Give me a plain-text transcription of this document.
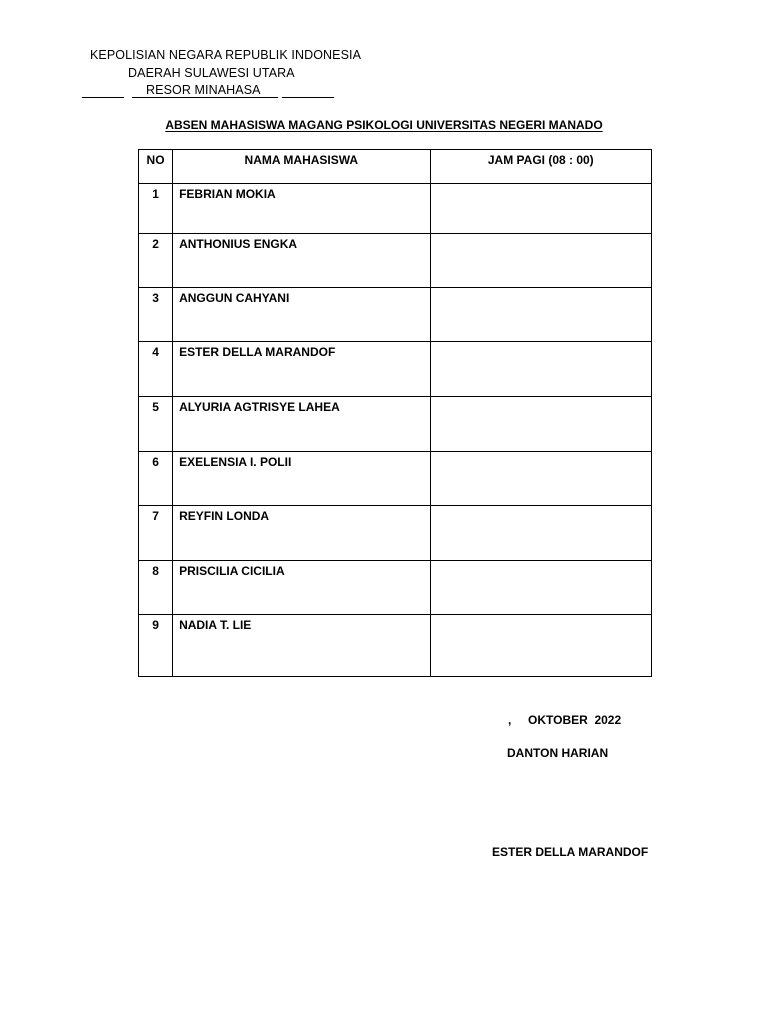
KEPOLISIAN NEGARA REPUBLIK INDONESIA
DAERAH SULAWESI UTARA
RESOR MINAHASA
ABSEN MAHASISWA MAGANG PSIKOLOGI UNIVERSITAS NEGERI MANADO
NO	NAMA MAHASISWA	JAM PAGI (08 : 00)
1	FEBRIAN MOKIA	
2	ANTHONIUS ENGKA	
3	ANGGUN CAHYANI	
4	ESTER DELLA MARANDOF	
5	ALYURIA AGTRISYE LAHEA	
6	EXELENSIA I. POLII	
7	REYFIN LONDA	
8	PRISCILIA CICILIA	
9	NADIA T. LIE	
,     OKTOBER  2022
DANTON HARIAN
ESTER DELLA MARANDOF
